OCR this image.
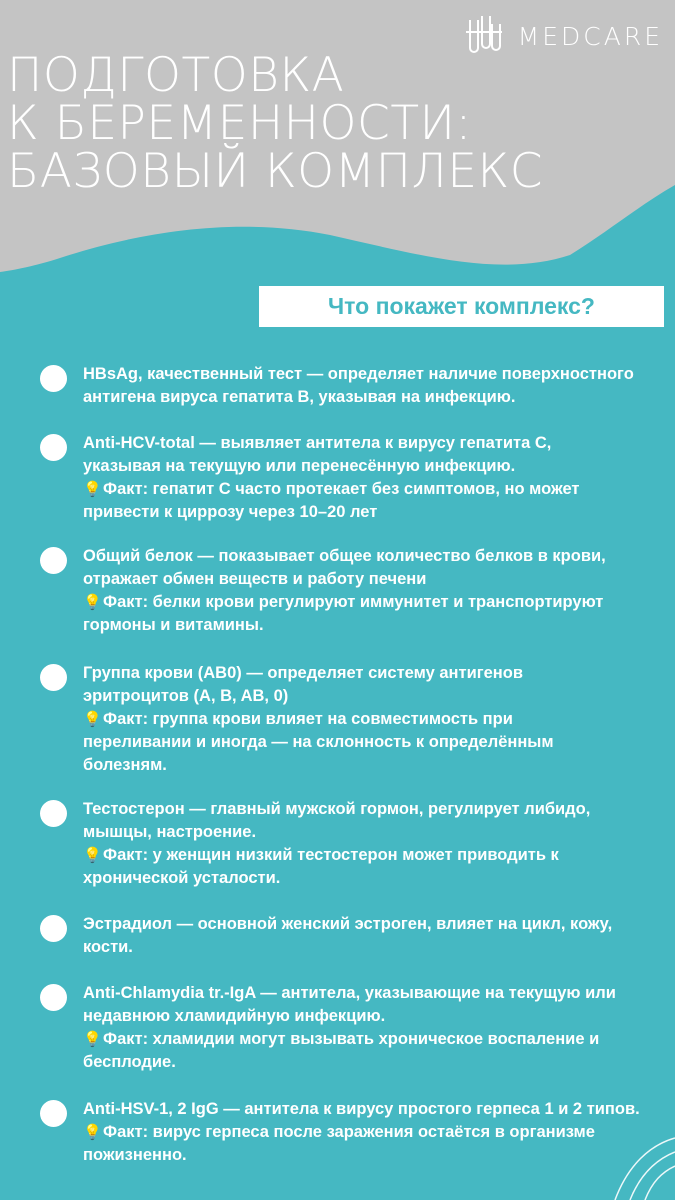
MEDCARE
ПОДГОТОВКА
К БЕРЕМЕННОСТИ:
БАЗОВЫЙ КОМПЛЕКС
Что покажет комплекс?
HBsAg, качественный тест — определяет наличие поверхностного
антигена вируса гепатита В, указывая на инфекцию.
Anti-HCV-total — выявляет антитела к вирусу гепатита С,
указывая на текущую или перенесённую инфекцию.
💡Факт: гепатит С часто протекает без симптомов, но может
привести к циррозу через 10–20 лет
Общий белок — показывает общее количество белков в крови,
отражает обмен веществ и работу печени
💡Факт: белки крови регулируют иммунитет и транспортируют
гормоны и витамины.
Группа крови (AB0) — определяет систему антигенов
эритроцитов (A, B, AB, 0)
💡Факт: группа крови влияет на совместимость при
переливании и иногда — на склонность к определённым
болезням.
Тестостерон — главный мужской гормон, регулирует либидо,
мышцы, настроение.
💡Факт: у женщин низкий тестостерон может приводить к
хронической усталости.
Эстрадиол — основной женский эстроген, влияет на цикл, кожу,
кости.
Anti-Chlamydia tr.-IgA — антитела, указывающие на текущую или
недавнюю хламидийную инфекцию.
💡Факт: хламидии могут вызывать хроническое воспаление и
бесплодие.
Anti-HSV-1, 2 IgG — антитела к вирусу простого герпеса 1 и 2 типов.
💡Факт: вирус герпеса после заражения остаётся в организме
пожизненно.
